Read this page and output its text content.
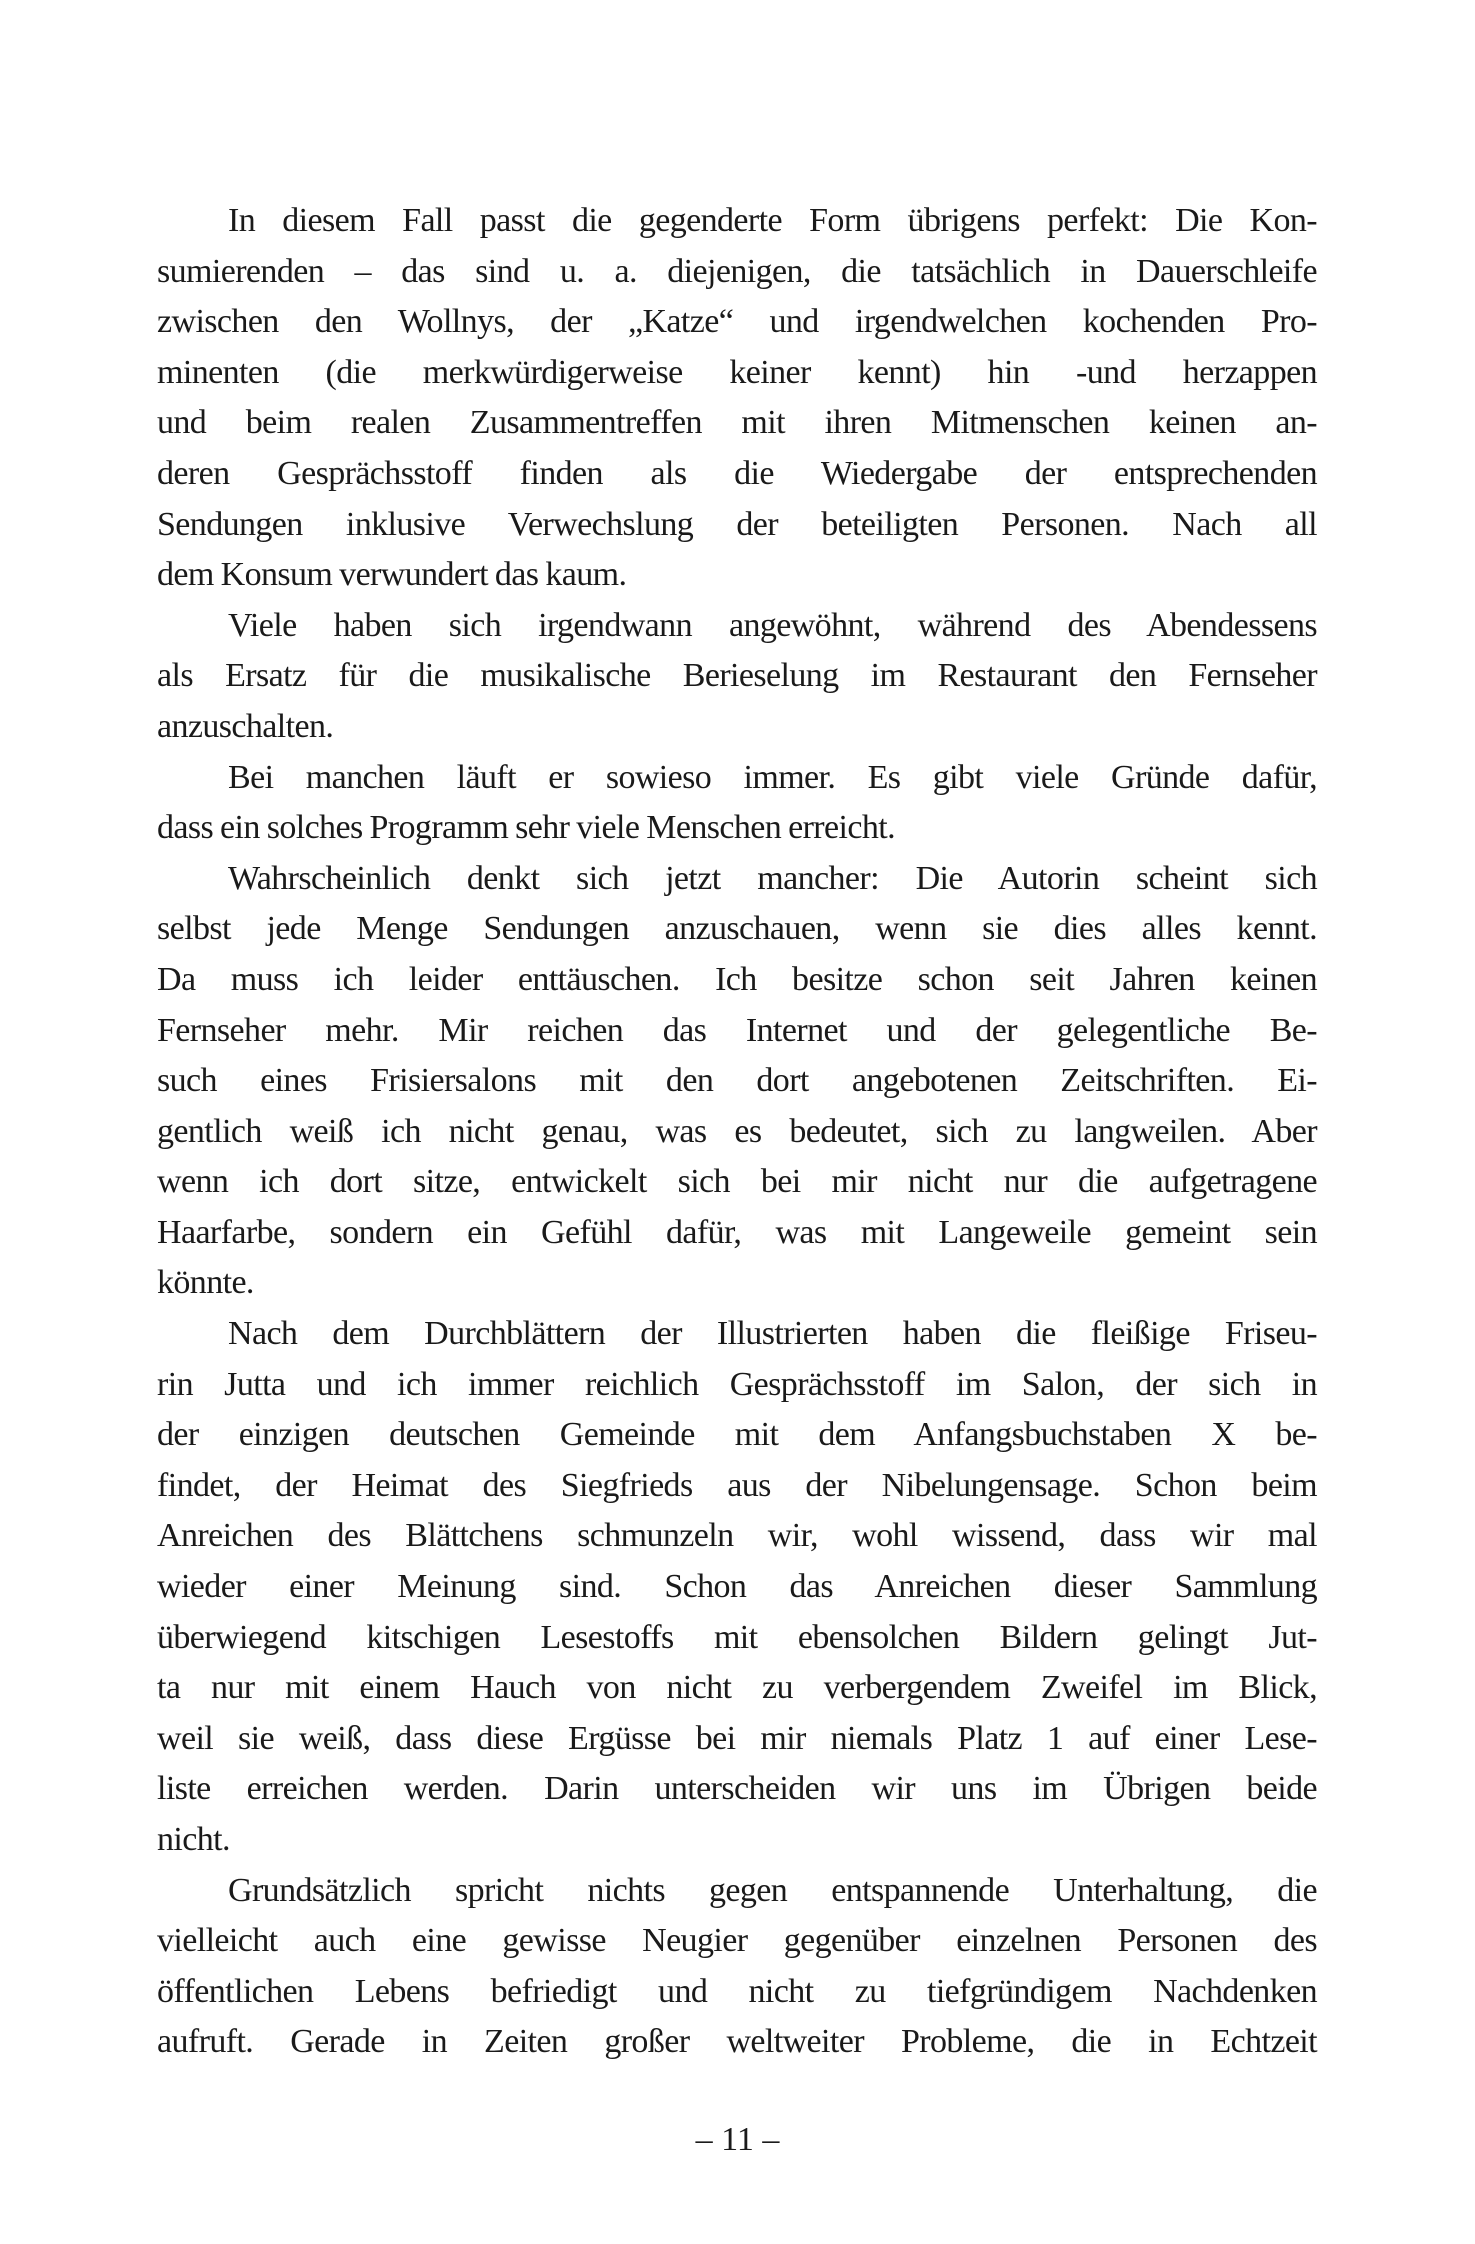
In diesem Fall passt die gegenderte Form übrigens perfekt: Die Kon-
sumierenden – das sind u. a. diejenigen, die tatsächlich in Dauerschleife
zwischen den Wollnys, der „Katze“ und irgendwelchen kochenden Pro-
minenten (die merkwürdigerweise keiner kennt) hin -und herzappen
und beim realen Zusammentreffen mit ihren Mitmenschen keinen an-
deren Gesprächsstoff finden als die Wiedergabe der entsprechenden
Sendungen inklusive Verwechslung der beteiligten Personen. Nach all
dem Konsum verwundert das kaum.
Viele haben sich irgendwann angewöhnt, während des Abendessens
als Ersatz für die musikalische Berieselung im Restaurant den Fernseher
anzuschalten.
Bei manchen läuft er sowieso immer. Es gibt viele Gründe dafür,
dass ein solches Programm sehr viele Menschen erreicht.
Wahrscheinlich denkt sich jetzt mancher: Die Autorin scheint sich
selbst jede Menge Sendungen anzuschauen, wenn sie dies alles kennt.
Da muss ich leider enttäuschen. Ich besitze schon seit Jahren keinen
Fernseher mehr. Mir reichen das Internet und der gelegentliche Be-
such eines Frisiersalons mit den dort angebotenen Zeitschriften. Ei-
gentlich weiß ich nicht genau, was es bedeutet, sich zu langweilen. Aber
wenn ich dort sitze, entwickelt sich bei mir nicht nur die aufgetragene
Haarfarbe, sondern ein Gefühl dafür, was mit Langeweile gemeint sein
könnte.
Nach dem Durchblättern der Illustrierten haben die fleißige Friseu-
rin Jutta und ich immer reichlich Gesprächsstoff im Salon, der sich in
der einzigen deutschen Gemeinde mit dem Anfangsbuchstaben X be-
findet, der Heimat des Siegfrieds aus der Nibelungensage. Schon beim
Anreichen des Blättchens schmunzeln wir, wohl wissend, dass wir mal
wieder einer Meinung sind. Schon das Anreichen dieser Sammlung
überwiegend kitschigen Lesestoffs mit ebensolchen Bildern gelingt Jut-
ta nur mit einem Hauch von nicht zu verbergendem Zweifel im Blick,
weil sie weiß, dass diese Ergüsse bei mir niemals Platz 1 auf einer Lese-
liste erreichen werden. Darin unterscheiden wir uns im Übrigen beide
nicht.
Grundsätzlich spricht nichts gegen entspannende Unterhaltung, die
vielleicht auch eine gewisse Neugier gegenüber einzelnen Personen des
öffentlichen Lebens befriedigt und nicht zu tiefgründigem Nachdenken
aufruft. Gerade in Zeiten großer weltweiter Probleme, die in Echtzeit
– 11 –
